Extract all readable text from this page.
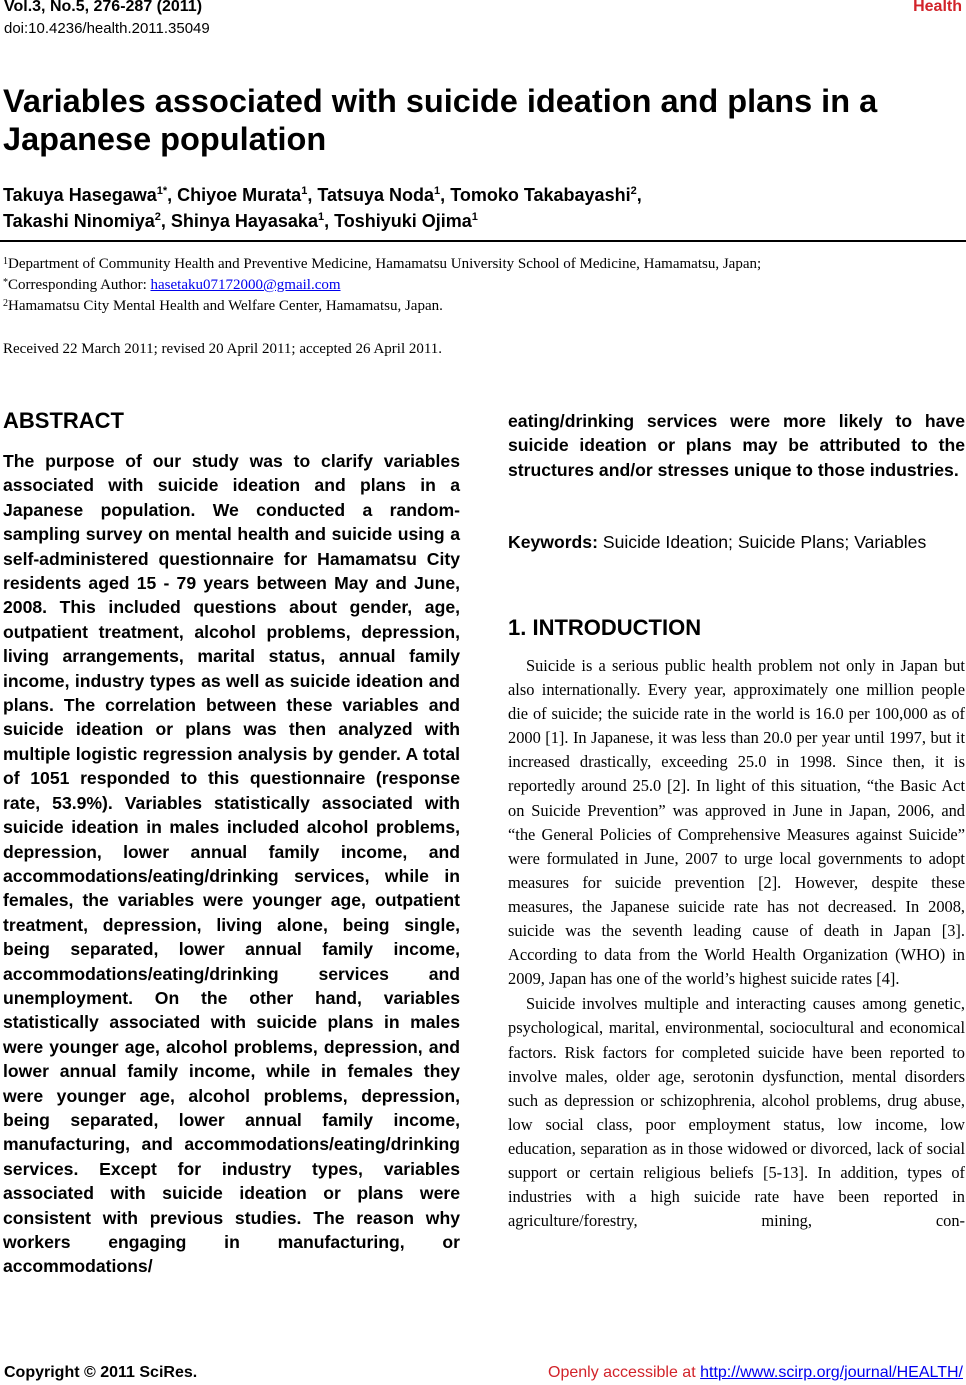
Vol.3, No.5, 276-287 (2011)
doi:10.4236/health.2011.35049
Health
Variables associated with suicide ideation and plans in a Japanese population
Takuya Hasegawa$^{1*}$, Chiyoe Murata$^1$, Tatsuya Noda$^1$, Tomoko Takabayashi$^2$,
Takashi Ninomiya$^2$, Shinya Hayasaka$^1$, Toshiyuki Ojima$^1$
$^1$Department of Community Health and Preventive Medicine, Hamamatsu University School of Medicine, Hamamatsu, Japan;
*Corresponding Author: hasetaku07172000@gmail.com
$^2$Hamamatsu City Mental Health and Welfare Center, Hamamatsu, Japan.
Received 22 March 2011; revised 20 April 2011; accepted 26 April 2011.
ABSTRACT
The purpose of our study was to clarify variables associated with suicide ideation and plans in a Japanese population. We conducted a random-sampling survey on mental health and suicide using a self-administered questionnaire for Hamamatsu City residents aged 15 - 79 years between May and June, 2008. This included questions about gender, age, outpatient treatment, alcohol problems, depression, living arrangements, marital status, annual family income, industry types as well as suicide ideation and plans. The correlation between these variables and suicide ideation or plans was then analyzed with multiple logistic regression analysis by gender. A total of 1051 responded to this questionnaire (response rate, 53.9%). Variables statistically associated with suicide ideation in males included alcohol problems, depression, lower annual family income, and accommodations/eating/drinking services, while in females, the variables were younger age, outpatient treatment, depression, living alone, being single, being separated, lower annual family income, accommodations/eating/drinking services and unemployment. On the other hand, variables statistically associated with suicide plans in males were younger age, alcohol problems, depression, and lower annual family income, while in females they were younger age, alcohol problems, depression, being separated, lower annual family income, manufacturing, and accommodations/eating/drinking services. Except for industry types, variables associated with suicide ideation or plans were consistent with previous studies. The reason why workers engaging in manufacturing, or accommodations/
eating/drinking services were more likely to have suicide ideation or plans may be attributed to the structures and/or stresses unique to those industries.
Keywords: Suicide Ideation; Suicide Plans; Variables
1. INTRODUCTION

Suicide is a serious public health problem not only in Japan but also internationally. Every year, approximately one million people die of suicide; the suicide rate in the world is 16.0 per 100,000 as of 2000 [1]. In Japanese, it was less than 20.0 per year until 1997, but it increased drastically, exceeding 25.0 in 1998. Since then, it is reportedly around 25.0 [2]. In light of this situation, “the Basic Act on Suicide Prevention” was approved in June in Japan, 2006, and “the General Policies of Comprehensive Measures against Suicide” were formulated in June, 2007 to urge local governments to adopt measures for suicide prevention [2]. However, despite these measures, the Japanese suicide rate has not decreased. In 2008, suicide was the seventh leading cause of death in Japan [3]. According to data from the World Health Organization (WHO) in 2009, Japan has one of the world’s highest suicide rates [4].

Suicide involves multiple and interacting causes among genetic, psychological, marital, environmental, sociocultural and economical factors. Risk factors for completed suicide have been reported to involve males, older age, serotonin dysfunction, mental disorders such as depression or schizophrenia, alcohol problems, drug abuse, low social class, poor employment status, low income, low education, separation as in those widowed or divorced, lack of social support or certain religious beliefs [5-13]. In addition, types of industries with a high suicide rate have been reported in agriculture/forestry, mining, con-

Copyright © 2011 SciRes.	Openly accessible at http://www.scirp.org/journal/HEALTH/
